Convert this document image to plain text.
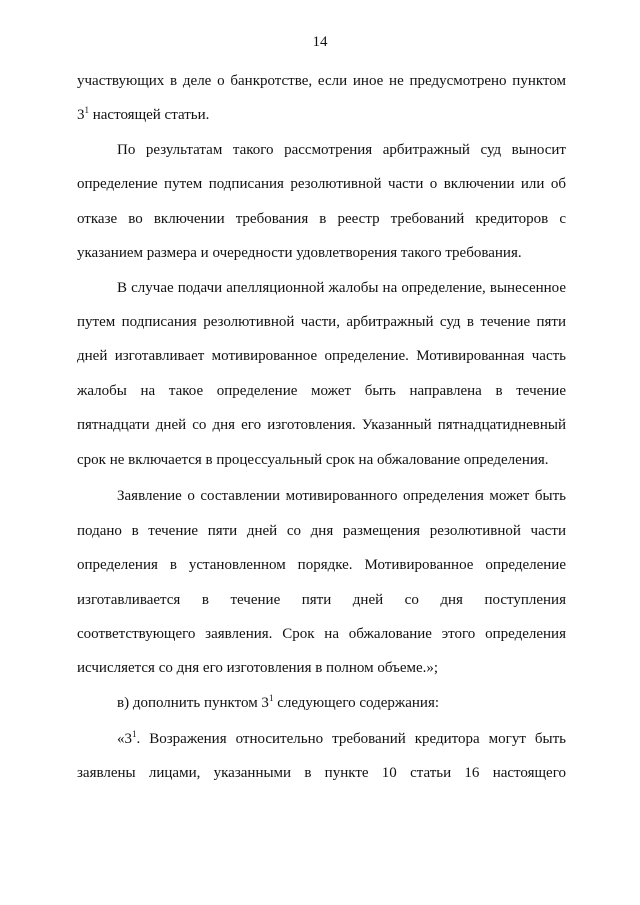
14
участвующих в деле о банкротстве, если иное не предусмотрено пунктом
$3^1$ настоящей статьи.
По результатам такого рассмотрения арбитражный суд выносит
определение путем подписания резолютивной части о включении или об
отказе во включении требования в реестр требований кредиторов с
указанием размера и очередности удовлетворения такого требования.
В случае подачи апелляционной жалобы на определение, вынесенное
путем подписания резолютивной части, арбитражный суд в течение пяти
дней изготавливает мотивированное определение. Мотивированная часть
жалобы на такое определение может быть направлена в течение
пятнадцати дней со дня его изготовления. Указанный пятнадцатидневный
срок не включается в процессуальный срок на обжалование определения.
Заявление о составлении мотивированного определения может быть
подано в течение пяти дней со дня размещения резолютивной части
определения в установленном порядке. Мотивированное определение
изготавливается в течение пяти дней со дня поступления
соответствующего заявления. Срок на обжалование этого определения
исчисляется со дня его изготовления в полном объеме.»;
в) дополнить пунктом $3^1$ следующего содержания:
«$3^1$. Возражения относительно требований кредитора могут быть
заявлены лицами, указанными в пункте 10 статьи 16 настоящего
